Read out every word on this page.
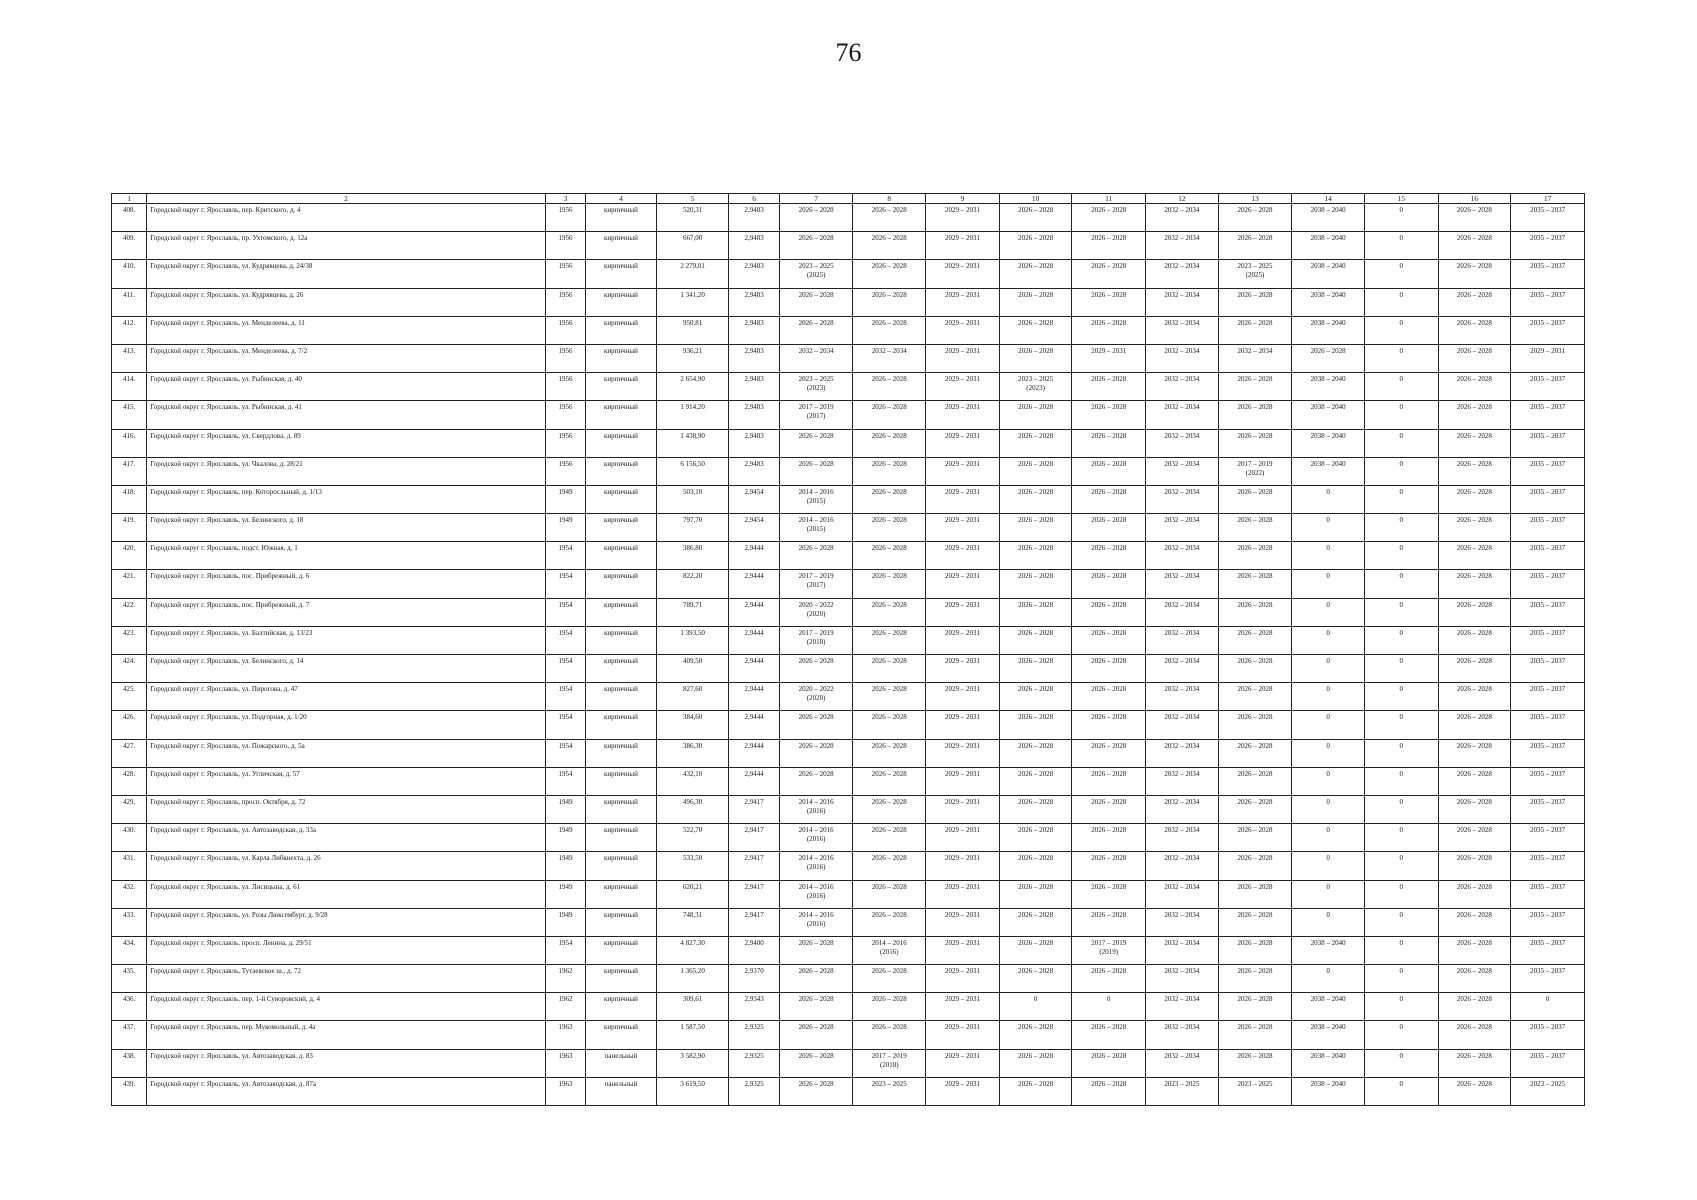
76
1	2	3	4	5	6	7	8	9	10	11	12	13	14	15	16	17
408.	Городской округ г. Ярославль, пер. Критского, д. 4	1956	кирпичный	520,31	2,9483	2026 – 2028	2026 – 2028	2029 – 2031	2026 – 2028	2026 – 2028	2032 – 2034	2026 – 2028	2038 – 2040	0	2026 – 2028	2035 – 2037
409.	Городской округ г. Ярославль, пр. Ухтомского, д. 12а	1956	кирпичный	667,00	2,9483	2026 – 2028	2026 – 2028	2029 – 2031	2026 – 2028	2026 – 2028	2032 – 2034	2026 – 2028	2038 – 2040	0	2026 – 2028	2035 – 2037
410.	Городской округ г. Ярославль, ул. Кудрявцева, д. 24/38	1956	кирпичный	2 279,01	2,9483	2023 – 2025
(2025)	2026 – 2028	2029 – 2031	2026 – 2028	2026 – 2028	2032 – 2034	2023 – 2025
(2025)	2038 – 2040	0	2026 – 2028	2035 – 2037
411.	Городской округ г. Ярославль, ул. Кудрявцева, д. 26	1956	кирпичный	1 341,20	2,9483	2026 – 2028	2026 – 2028	2029 – 2031	2026 – 2028	2026 – 2028	2032 – 2034	2026 – 2028	2038 – 2040	0	2026 – 2028	2035 – 2037
412.	Городской округ г. Ярославль, ул. Менделеева, д. 11	1956	кирпичный	950,81	2,9483	2026 – 2028	2026 – 2028	2029 – 2031	2026 – 2028	2026 – 2028	2032 – 2034	2026 – 2028	2038 – 2040	0	2026 – 2028	2035 – 2037
413.	Городской округ г. Ярославль, ул. Менделеева, д. 7/2	1956	кирпичный	936,21	2,9483	2032 – 2034	2032 – 2034	2029 – 2031	2026 – 2028	2029 – 2031	2032 – 2034	2032 – 2034	2026 – 2028	0	2026 – 2028	2029 – 2031
414.	Городской округ г. Ярославль, ул. Рыбинская, д. 40	1956	кирпичный	2 654,90	2,9483	2023 – 2025
(2023)	2026 – 2028	2029 – 2031	2023 – 2025
(2023)	2026 – 2028	2032 – 2034	2026 – 2028	2038 – 2040	0	2026 – 2028	2035 – 2037
415.	Городской округ г. Ярославль, ул. Рыбинская, д. 41	1956	кирпичный	1 914,20	2,9483	2017 – 2019
(2017)	2026 – 2028	2029 – 2031	2026 – 2028	2026 – 2028	2032 – 2034	2026 – 2028	2038 – 2040	0	2026 – 2028	2035 – 2037
416.	Городской округ г. Ярославль, ул. Свердлова, д. 89	1956	кирпичный	1 438,90	2,9483	2026 – 2028	2026 – 2028	2029 – 2031	2026 – 2028	2026 – 2028	2032 – 2034	2026 – 2028	2038 – 2040	0	2026 – 2028	2035 – 2037
417.	Городской округ г. Ярославль, ул. Чкалова, д. 28/21	1956	кирпичный	6 156,50	2,9483	2026 – 2028	2026 – 2028	2029 – 2031	2026 – 2028	2026 – 2028	2032 – 2034	2017 – 2019
(2022)	2038 – 2040	0	2026 – 2028	2035 – 2037
418.	Городской округ г. Ярославль, пер. Которосльный, д. 1/13	1949	кирпичный	503,10	2,9454	2014 – 2016
(2015)	2026 – 2028	2029 – 2031	2026 – 2028	2026 – 2028	2032 – 2034	2026 – 2028	0	0	2026 – 2028	2035 – 2037
419.	Городской округ г. Ярославль, ул. Белинского, д. 18	1949	кирпичный	797,70	2,9454	2014 – 2016
(2015)	2026 – 2028	2029 – 2031	2026 – 2028	2026 – 2028	2032 – 2034	2026 – 2028	0	0	2026 – 2028	2035 – 2037
420.	Городской округ г. Ярославль, подст. Южная, д. 1	1954	кирпичный	386,80	2,9444	2026 – 2028	2026 – 2028	2029 – 2031	2026 – 2028	2026 – 2028	2032 – 2034	2026 – 2028	0	0	2026 – 2028	2035 – 2037
421.	Городской округ г. Ярославль, пос. Прибрежный, д. 6	1954	кирпичный	822,20	2,9444	2017 – 2019
(2017)	2026 – 2028	2029 – 2031	2026 – 2028	2026 – 2028	2032 – 2034	2026 – 2028	0	0	2026 – 2028	2035 – 2037
422.	Городской округ г. Ярославль, пос. Прибрежный, д. 7	1954	кирпичный	789,71	2,9444	2020 – 2022
(2020)	2026 – 2028	2029 – 2031	2026 – 2028	2026 – 2028	2032 – 2034	2026 – 2028	0	0	2026 – 2028	2035 – 2037
423.	Городской округ г. Ярославль, ул. Балтийская, д. 13/23	1954	кирпичный	1 393,50	2,9444	2017 – 2019
(2018)	2026 – 2028	2029 – 2031	2026 – 2028	2026 – 2028	2032 – 2034	2026 – 2028	0	0	2026 – 2028	2035 – 2037
424.	Городской округ г. Ярославль, ул. Белинского, д. 14	1954	кирпичный	409,50	2,9444	2026 – 2028	2026 – 2028	2029 – 2031	2026 – 2028	2026 – 2028	2032 – 2034	2026 – 2028	0	0	2026 – 2028	2035 – 2037
425.	Городской округ г. Ярославль, ул. Пирогова, д. 47	1954	кирпичный	827,60	2,9444	2020 – 2022
(2020)	2026 – 2028	2029 – 2031	2026 – 2028	2026 – 2028	2032 – 2034	2026 – 2028	0	0	2026 – 2028	2035 – 2037
426.	Городской округ г. Ярославль, ул. Подгорная, д. 1/20	1954	кирпичный	384,60	2,9444	2026 – 2028	2026 – 2028	2029 – 2031	2026 – 2028	2026 – 2028	2032 – 2034	2026 – 2028	0	0	2026 – 2028	2035 – 2037
427.	Городской округ г. Ярославль, ул. Пожарского, д. 5а	1954	кирпичный	386,30	2,9444	2026 – 2028	2026 – 2028	2029 – 2031	2026 – 2028	2026 – 2028	2032 – 2034	2026 – 2028	0	0	2026 – 2028	2035 – 2037
428.	Городской округ г. Ярославль, ул. Угличская, д. 57	1954	кирпичный	432,10	2,9444	2026 – 2028	2026 – 2028	2029 – 2031	2026 – 2028	2026 – 2028	2032 – 2034	2026 – 2028	0	0	2026 – 2028	2035 – 2037
429.	Городской округ г. Ярославль, просп. Октября, д. 72	1949	кирпичный	496,30	2,9417	2014 – 2016
(2016)	2026 – 2028	2029 – 2031	2026 – 2028	2026 – 2028	2032 – 2034	2026 – 2028	0	0	2026 – 2028	2035 – 2037
430.	Городской округ г. Ярославль, ул. Автозаводская, д. 33а	1949	кирпичный	522,70	2,9417	2014 – 2016
(2016)	2026 – 2028	2029 – 2031	2026 – 2028	2026 – 2028	2032 – 2034	2026 – 2028	0	0	2026 – 2028	2035 – 2037
431.	Городской округ г. Ярославль, ул. Карла Либкнехта, д. 26	1949	кирпичный	533,50	2,9417	2014 – 2016
(2016)	2026 – 2028	2029 – 2031	2026 – 2028	2026 – 2028	2032 – 2034	2026 – 2028	0	0	2026 – 2028	2035 – 2037
432.	Городской округ г. Ярославль, ул. Лисицына, д. 61	1949	кирпичный	620,21	2,9417	2014 – 2016
(2016)	2026 – 2028	2029 – 2031	2026 – 2028	2026 – 2028	2032 – 2034	2026 – 2028	0	0	2026 – 2028	2035 – 2037
433.	Городской округ г. Ярославль, ул. Розы Люксембург, д. 9/28	1949	кирпичный	748,31	2,9417	2014 – 2016
(2016)	2026 – 2028	2029 – 2031	2026 – 2028	2026 – 2028	2032 – 2034	2026 – 2028	0	0	2026 – 2028	2035 – 2037
434.	Городской округ г. Ярославль, просп. Ленина, д. 29/51	1954	кирпичный	4 827,30	2,9400	2026 – 2028	2014 – 2016
(2016)	2029 – 2031	2026 – 2028	2017 – 2019
(2019)	2032 – 2034	2026 – 2028	2038 – 2040	0	2026 – 2028	2035 – 2037
435.	Городской округ г. Ярославль, Тутаевское ш., д. 72	1962	кирпичный	1 365,20	2,9370	2026 – 2028	2026 – 2028	2029 – 2031	2026 – 2028	2026 – 2028	2032 – 2034	2026 – 2028	0	0	2026 – 2028	2035 – 2037
436.	Городской округ г. Ярославль, пер. 1-й Суворовский, д. 4	1962	кирпичный	309,61	2,9343	2026 – 2028	2026 – 2028	2029 – 2031	0	0	2032 – 2034	2026 – 2028	2038 – 2040	0	2026 – 2028	0
437.	Городской округ г. Ярославль, пер. Мукомольный, д. 4а	1963	кирпичный	1 587,50	2,9325	2026 – 2028	2026 – 2028	2029 – 2031	2026 – 2028	2026 – 2028	2032 – 2034	2026 – 2028	2038 – 2040	0	2026 – 2028	2035 – 2037
438.	Городской округ г. Ярославль, ул. Автозаводская, д. 83	1963	панельный	3 582,90	2,9325	2026 – 2028	2017 – 2019
(2018)	2029 – 2031	2026 – 2028	2026 – 2028	2032 – 2034	2026 – 2028	2038 – 2040	0	2026 – 2028	2035 – 2037
439.	Городской округ г. Ярославль, ул. Автозаводская, д. 87а	1963	панельный	3 619,50	2,9325	2026 – 2028	2023 – 2025	2029 – 2031	2026 – 2028	2026 – 2028	2023 – 2025	2023 – 2025	2038 – 2040	0	2026 – 2028	2023 – 2025
